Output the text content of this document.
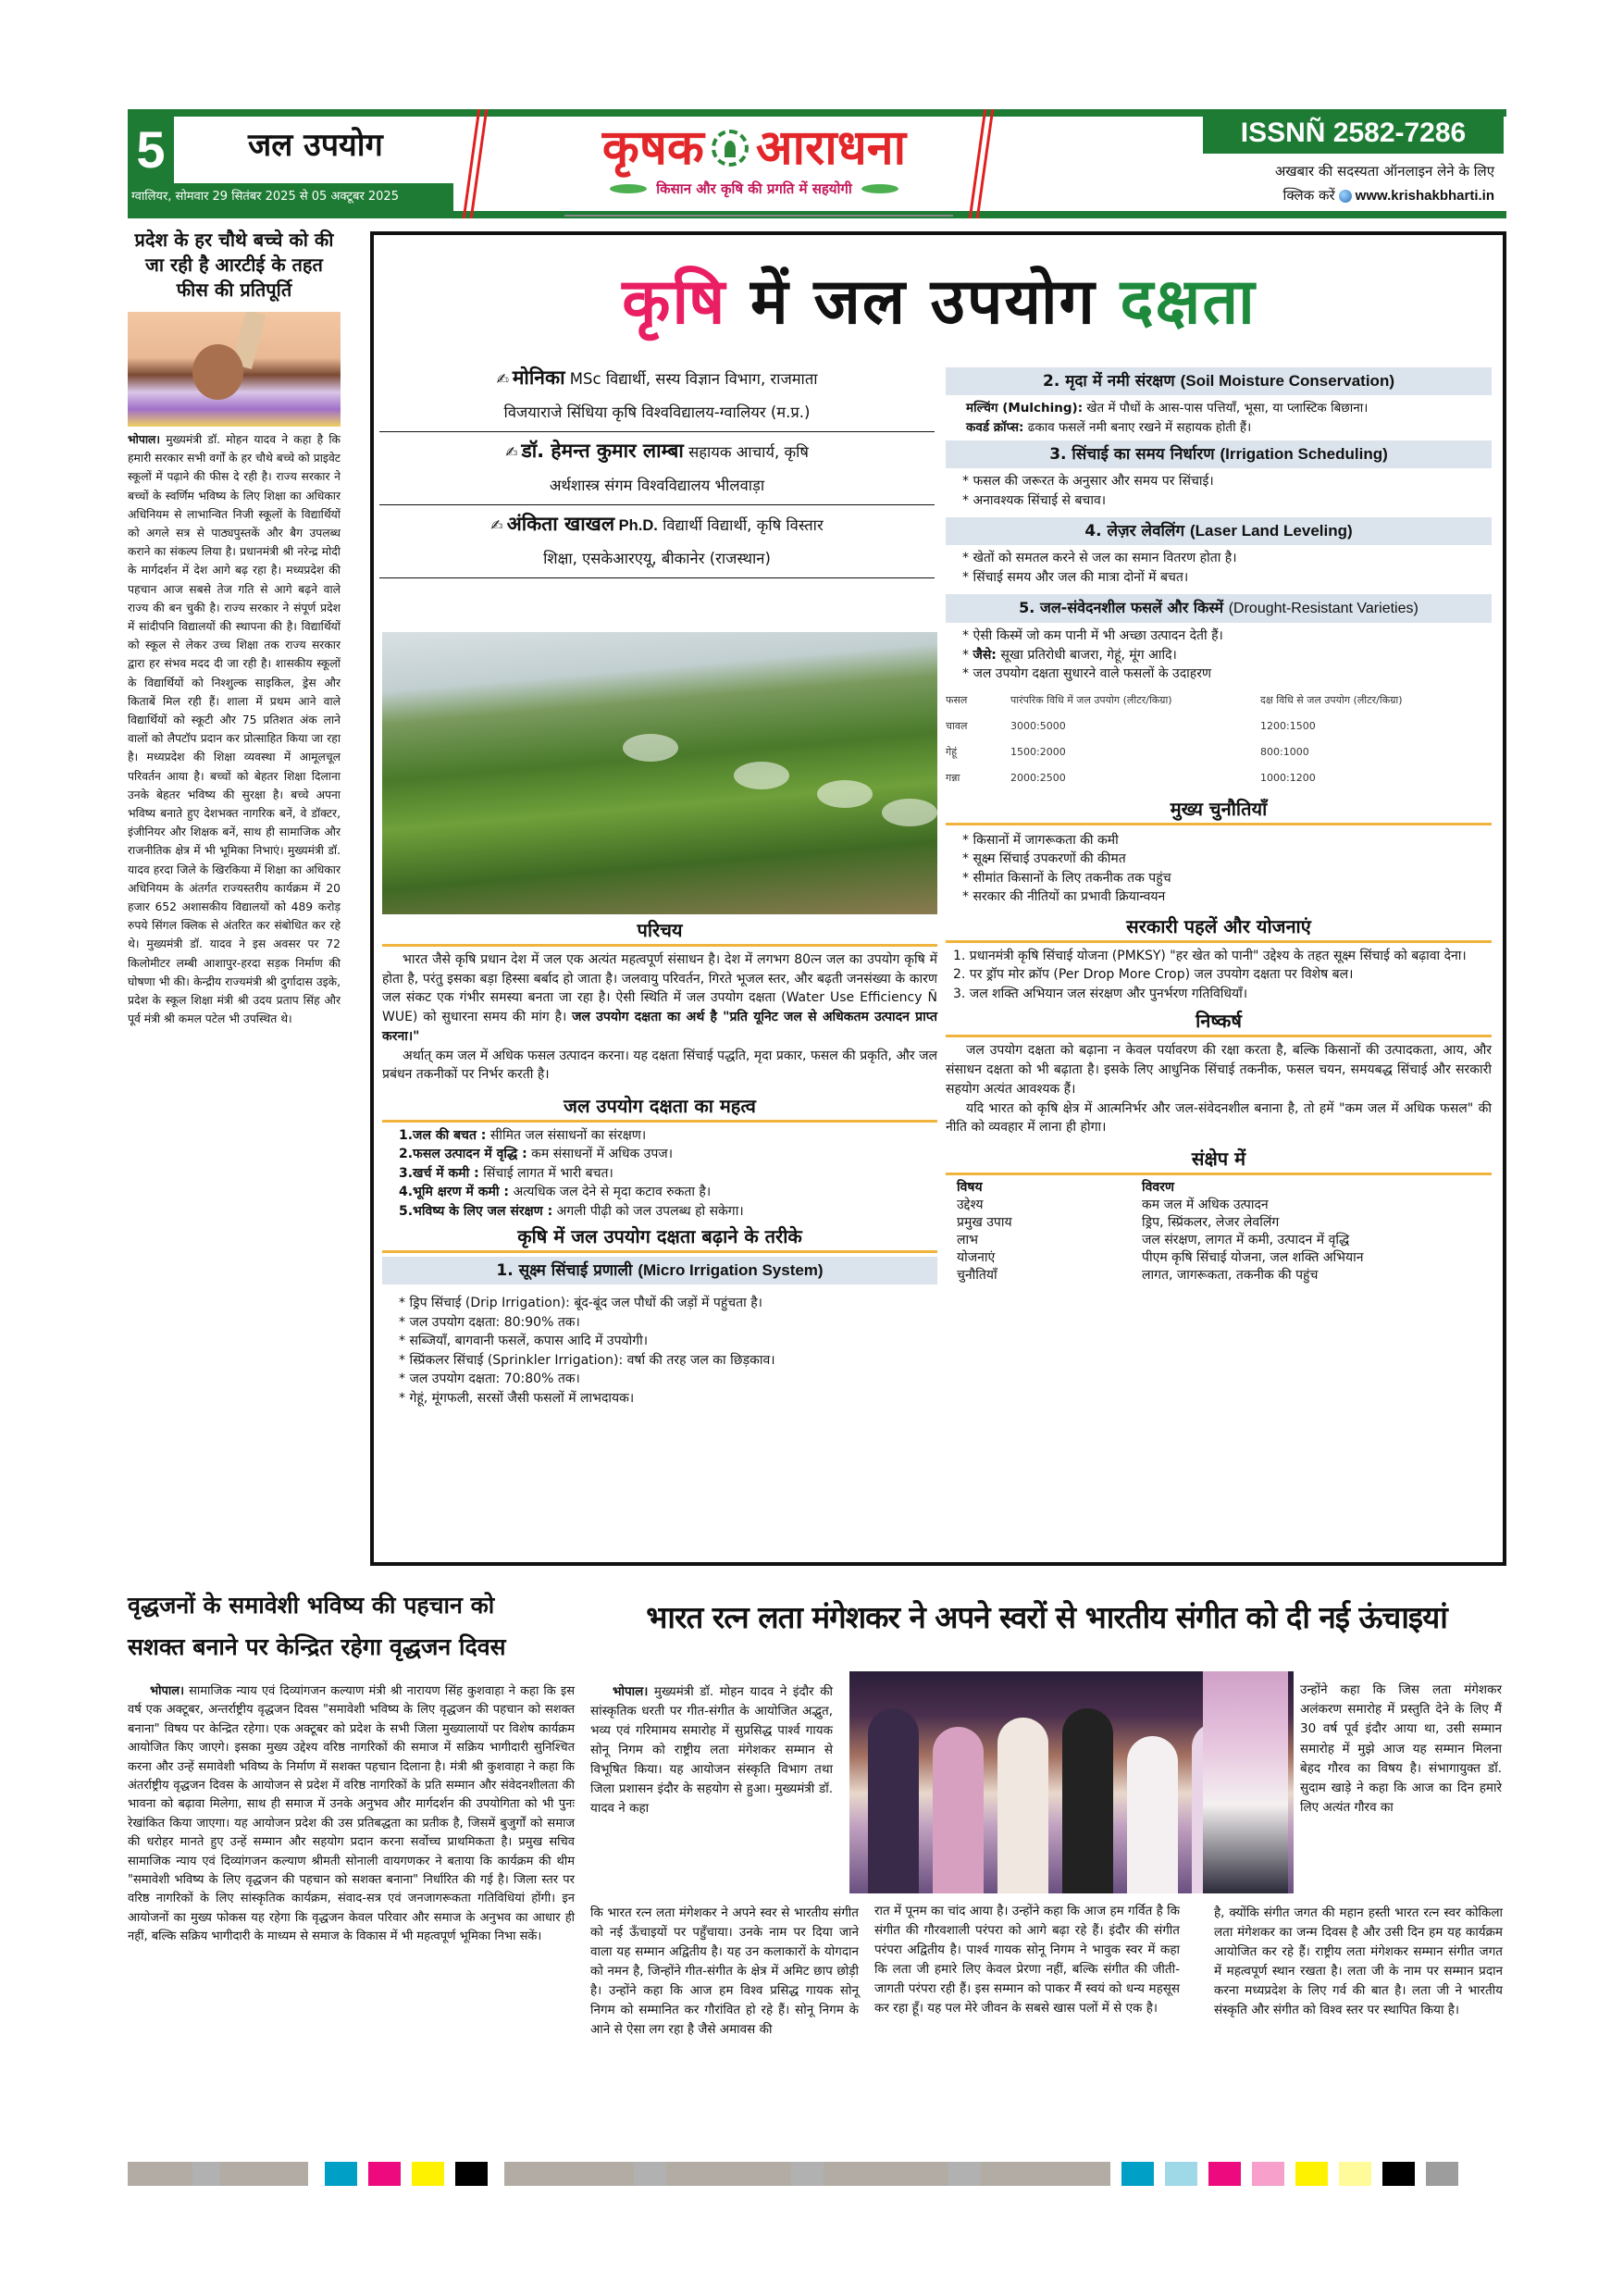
5	जल उपयोग
ग्वालियर, सोमवार 29 सितंबर 2025 से 05 अक्टूबर 2025
कृषक आराधना
किसान और कृषि की प्रगति में सहयोगी
ISSNÑ 2582-7286
अखबार की सदस्यता ऑनलाइन लेने के लिए
क्लिक करें www.krishakbharti.in
प्रदेश के हर चौथे बच्चे को की जा रही है आरटीई के तहत फीस की प्रतिपूर्ति
भोपाल। मुख्यमंत्री डॉ. मोहन यादव ने कहा है कि हमारी सरकार सभी वर्गों के हर चौथे बच्चे को प्राइवेट स्कूलों में पढ़ाने की फीस दे रही है। राज्य सरकार ने बच्चों के स्वर्णिम भविष्य के लिए शिक्षा का अधिकार अधिनियम से लाभान्वित निजी स्कूलों के विद्यार्थियों को अगले सत्र से पाठ्यपुस्तकें और बैग उपलब्ध कराने का संकल्प लिया है। प्रधानमंत्री श्री नरेन्द्र मोदी के मार्गदर्शन में देश आगे बढ़ रहा है। मध्यप्रदेश की पहचान आज सबसे तेज गति से आगे बढ़ने वाले राज्य की बन चुकी है। राज्य सरकार ने संपूर्ण प्रदेश में सांदीपनि विद्यालयों की स्थापना की है। विद्यार्थियों को स्कूल से लेकर उच्च शिक्षा तक राज्य सरकार द्वारा हर संभव मदद दी जा रही है। शासकीय स्कूलों के विद्यार्थियों को निश्शुल्क साइकिल, ड्रेस और किताबें मिल रही हैं। शाला में प्रथम आने वाले विद्यार्थियों को स्कूटी और 75 प्रतिशत अंक लाने वालों को लैपटॉप प्रदान कर प्रोत्साहित किया जा रहा है। मध्यप्रदेश की शिक्षा व्यवस्था में आमूलचूल परिवर्तन आया है। बच्चों को बेहतर शिक्षा दिलाना उनके बेहतर भविष्य की सुरक्षा है। बच्चे अपना भविष्य बनाते हुए देशभक्त नागरिक बनें, वे डॉक्टर, इंजीनियर और शिक्षक बनें, साथ ही सामाजिक और राजनीतिक क्षेत्र में भी भूमिका निभाएं। मुख्यमंत्री डॉ. यादव हरदा जिले के खिरकिया में शिक्षा का अधिकार अधिनियम के अंतर्गत राज्यस्तरीय कार्यक्रम में 20 हजार 652 अशासकीय विद्यालयों को 489 करोड़ रुपये सिंगल क्लिक से अंतरित कर संबोधित कर रहे थे। मुख्यमंत्री डॉ. यादव ने इस अवसर पर 72 किलोमीटर लम्बी आशापुर-हरदा सड़क निर्माण की घोषणा भी की। केन्द्रीय राज्यमंत्री श्री दुर्गादास उइके, प्रदेश के स्कूल शिक्षा मंत्री श्री उदय प्रताप सिंह और पूर्व मंत्री श्री कमल पटेल भी उपस्थित थे।
कृषि में जल उपयोग दक्षता
✍ मोनिका MSc विद्यार्थी, सस्य विज्ञान विभाग, राजमाता
विजयाराजे सिंधिया कृषि विश्वविद्यालय-ग्वालियर (म.प्र.)
✍ डॉ. हेमन्त कुमार लाम्बा सहायक आचार्य, कृषि
अर्थशास्त्र संगम विश्वविद्यालय भीलवाड़ा
✍ अंकिता खाखल Ph.D. विद्यार्थी विद्यार्थी, कृषि विस्तार
शिक्षा, एसकेआरएयू, बीकानेर (राजस्थान)
परिचय
भारत जैसे कृषि प्रधान देश में जल एक अत्यंत महत्वपूर्ण संसाधन है। देश में लगभग 80त्न जल का उपयोग कृषि में होता है, परंतु इसका बड़ा हिस्सा बर्बाद हो जाता है। जलवायु परिवर्तन, गिरते भूजल स्तर, और बढ़ती जनसंख्या के कारण जल संकट एक गंभीर समस्या बनता जा रहा है। ऐसी स्थिति में जल उपयोग दक्षता (Water Use Efficiency Ñ WUE) को सुधारना समय की मांग है। जल उपयोग दक्षता का अर्थ है "प्रति यूनिट जल से अधिकतम उत्पादन प्राप्त करना।"
अर्थात् कम जल में अधिक फसल उत्पादन करना। यह दक्षता सिंचाई पद्धति, मृदा प्रकार, फसल की प्रकृति, और जल प्रबंधन तकनीकों पर निर्भर करती है।
जल उपयोग दक्षता का महत्व
1.जल की बचत : सीमित जल संसाधनों का संरक्षण।
2.फसल उत्पादन में वृद्धि : कम संसाधनों में अधिक उपज।
3.खर्च में कमी : सिंचाई लागत में भारी बचत।
4.भूमि क्षरण में कमी : अत्यधिक जल देने से मृदा कटाव रुकता है।
5.भविष्य के लिए जल संरक्षण : अगली पीढ़ी को जल उपलब्ध हो सकेगा।
कृषि में जल उपयोग दक्षता बढ़ाने के तरीके
1. सूक्ष्म सिंचाई प्रणाली (Micro Irrigation System)
* ड्रिप सिंचाई (Drip Irrigation): बूंद-बूंद जल पौधों की जड़ों में पहुंचता है।
* जल उपयोग दक्षता: 80:90% तक।
* सब्जियाँ, बागवानी फसलें, कपास आदि में उपयोगी।
* स्प्रिंकलर सिंचाई (Sprinkler Irrigation): वर्षा की तरह जल का छिड़काव।
* जल उपयोग दक्षता: 70:80% तक।
* गेहूं, मूंगफली, सरसों जैसी फसलों में लाभदायक।
2. मृदा में नमी संरक्षण (Soil Moisture Conservation)
मल्चिंग (Mulching): खेत में पौधों के आस-पास पत्तियाँ, भूसा, या प्लास्टिक बिछाना।
कवर्ड क्रॉप्स: ढकाव फसलें नमी बनाए रखने में सहायक होती हैं।
3. सिंचाई का समय निर्धारण (Irrigation Scheduling)
* फसल की जरूरत के अनुसार और समय पर सिंचाई।
* अनावश्यक सिंचाई से बचाव।
4. लेज़र लेवलिंग (Laser Land Leveling)
* खेतों को समतल करने से जल का समान वितरण होता है।
* सिंचाई समय और जल की मात्रा दोनों में बचत।
5. जल-संवेदनशील फसलें और किस्में (Drought-Resistant Varieties)
* ऐसी किस्में जो कम पानी में भी अच्छा उत्पादन देती हैं।
* जैसे: सूखा प्रतिरोधी बाजरा, गेहूं, मूंग आदि।
* जल उपयोग दक्षता सुधारने वाले फसलों के उदाहरण
फसल	पारंपरिक विधि में जल उपयोग (लीटर/किग्रा)	दक्ष विधि से जल उपयोग (लीटर/किग्रा)
चावल	3000:5000	1200:1500
गेहूं	1500:2000	800:1000
गन्ना	2000:2500	1000:1200
मुख्य चुनौतियाँ
* किसानों में जागरूकता की कमी
* सूक्ष्म सिंचाई उपकरणों की कीमत
* सीमांत किसानों के लिए तकनीक तक पहुंच
* सरकार की नीतियों का प्रभावी क्रियान्वयन
सरकारी पहलें और योजनाएं
1. प्रधानमंत्री कृषि सिंचाई योजना (PMKSY) "हर खेत को पानी" उद्देश्य के तहत सूक्ष्म सिंचाई को बढ़ावा देना।
2. पर ड्रॉप मोर क्रॉप (Per Drop More Crop) जल उपयोग दक्षता पर विशेष बल।
3. जल शक्ति अभियान जल संरक्षण और पुनर्भरण गतिविधियाँ।
निष्कर्ष
जल उपयोग दक्षता को बढ़ाना न केवल पर्यावरण की रक्षा करता है, बल्कि किसानों की उत्पादकता, आय, और संसाधन दक्षता को भी बढ़ाता है। इसके लिए आधुनिक सिंचाई तकनीक, फसल चयन, समयबद्ध सिंचाई और सरकारी सहयोग अत्यंत आवश्यक हैं।
यदि भारत को कृषि क्षेत्र में आत्मनिर्भर और जल-संवेदनशील बनाना है, तो हमें "कम जल में अधिक फसल" की नीति को व्यवहार में लाना ही होगा।
संक्षेप में
विषय	विवरण
उद्देश्य	कम जल में अधिक उत्पादन
प्रमुख उपाय	ड्रिप, स्प्रिंकलर, लेजर लेवलिंग
लाभ	जल संरक्षण, लागत में कमी, उत्पादन में वृद्धि
योजनाएं	पीएम कृषि सिंचाई योजना, जल शक्ति अभियान
चुनौतियाँ	लागत, जागरूकता, तकनीक की पहुंच
वृद्धजनों के समावेशी भविष्य की पहचान को
सशक्त बनाने पर केन्द्रित रहेगा वृद्धजन दिवस
भोपाल। सामाजिक न्याय एवं दिव्यांगजन कल्याण मंत्री श्री नारायण सिंह कुशवाहा ने कहा कि इस वर्ष एक अक्टूबर, अन्तर्राष्ट्रीय वृद्धजन दिवस "समावेशी भविष्य के लिए वृद्धजन की पहचान को सशक्त बनाना" विषय पर केन्द्रित रहेगा। एक अक्टूबर को प्रदेश के सभी जिला मुख्यालायों पर विशेष कार्यक्रम आयोजित किए जाएगे। इसका मुख्य उद्देश्य वरिष्ठ नागरिकों की समाज में सक्रिय भागीदारी सुनिश्चित करना और उन्हें समावेशी भविष्य के निर्माण में सशक्त पहचान दिलाना है। मंत्री श्री कुशवाहा ने कहा कि अंतर्राष्ट्रीय वृद्धजन दिवस के आयोजन से प्रदेश में वरिष्ठ नागरिकों के प्रति सम्मान और संवेदनशीलता की भावना को बढ़ावा मिलेगा, साथ ही समाज में उनके अनुभव और मार्गदर्शन की उपयोगिता को भी पुनः रेखांकित किया जाएगा। यह आयोजन प्रदेश की उस प्रतिबद्धता का प्रतीक है, जिसमें बुजुर्गों को समाज की धरोहर मानते हुए उन्हें सम्मान और सहयोग प्रदान करना सर्वोच्च प्राथमिकता है। प्रमुख सचिव सामाजिक न्याय एवं दिव्यांगजन कल्याण श्रीमती सोनाली वायगणकर ने बताया कि कार्यक्रम की थीम "समावेशी भविष्य के लिए वृद्धजन की पहचान को सशक्त बनाना" निर्धारित की गई है। जिला स्तर पर वरिष्ठ नागरिकों के लिए सांस्कृतिक कार्यक्रम, संवाद-सत्र एवं जनजागरूकता गतिविधियां होंगी। इन आयोजनों का मुख्य फोकस यह रहेगा कि वृद्धजन केवल परिवार और समाज के अनुभव का आधार ही नहीं, बल्कि सक्रिय भागीदारी के माध्यम से समाज के विकास में भी महत्वपूर्ण भूमिका निभा सकें।
भारत रत्न लता मंगेशकर ने अपने स्वरों से भारतीय संगीत को दी नई ऊंचाइयां
भोपाल। मुख्यमंत्री डॉ. मोहन यादव ने इंदौर की सांस्कृतिक धरती पर गीत-संगीत के आयोजित अद्भुत, भव्य एवं गरिमामय समारोह में सुप्रसिद्ध पार्श्व गायक सोनू निगम को राष्ट्रीय लता मंगेशकर सम्मान से विभूषित किया। यह आयोजन संस्कृति विभाग तथा जिला प्रशासन इंदौर के सहयोग से हुआ। मुख्यमंत्री डॉ. यादव ने कहा
कि भारत रत्न लता मंगेशकर ने अपने स्वर से भारतीय संगीत को नई ऊँचाइयों पर पहुँचाया। उनके नाम पर दिया जाने वाला यह सम्मान अद्वितीय है। यह उन कलाकारों के योगदान को नमन है, जिन्होंने गीत-संगीत के क्षेत्र में अमिट छाप छोड़ी है। उन्होंने कहा कि आज हम विश्व प्रसिद्ध गायक सोनू निगम को सम्मानित कर गौरांवित हो रहे हैं। सोनू निगम के आने से ऐसा लग रहा है जैसे अमावस की
रात में पूनम का चांद आया है। उन्होंने कहा कि आज हम गर्वित है कि संगीत की गौरवशाली परंपरा को आगे बढ़ा रहे हैं। इंदौर की संगीत परंपरा अद्वितीय है। पार्श्व गायक सोनू निगम ने भावुक स्वर में कहा कि लता जी हमारे लिए केवल प्रेरणा नहीं, बल्कि संगीत की जीती-जागती परंपरा रही हैं। इस सम्मान को पाकर मैं स्वयं को धन्य महसूस कर रहा हूँ। यह पल मेरे जीवन के सबसे खास पलों में से एक है।
उन्होंने कहा कि जिस लता मंगेशकर अलंकरण समारोह में प्रस्तुति देने के लिए मैं 30 वर्ष पूर्व इंदौर आया था, उसी सम्मान समारोह में मुझे आज यह सम्मान मिलना बेहद गौरव का विषय है। संभागायुक्त डॉ. सुदाम खाड़े ने कहा कि आज का दिन हमारे लिए अत्यंत गौरव का
है, क्योंकि संगीत जगत की महान हस्ती भारत रत्न स्वर कोकिला लता मंगेशकर का जन्म दिवस है और उसी दिन हम यह कार्यक्रम आयोजित कर रहे हैं। राष्ट्रीय लता मंगेशकर सम्मान संगीत जगत में महत्वपूर्ण स्थान रखता है। लता जी के नाम पर सम्मान प्रदान करना मध्यप्रदेश के लिए गर्व की बात है। लता जी ने भारतीय संस्कृति और संगीत को विश्व स्तर पर स्थापित किया है।
